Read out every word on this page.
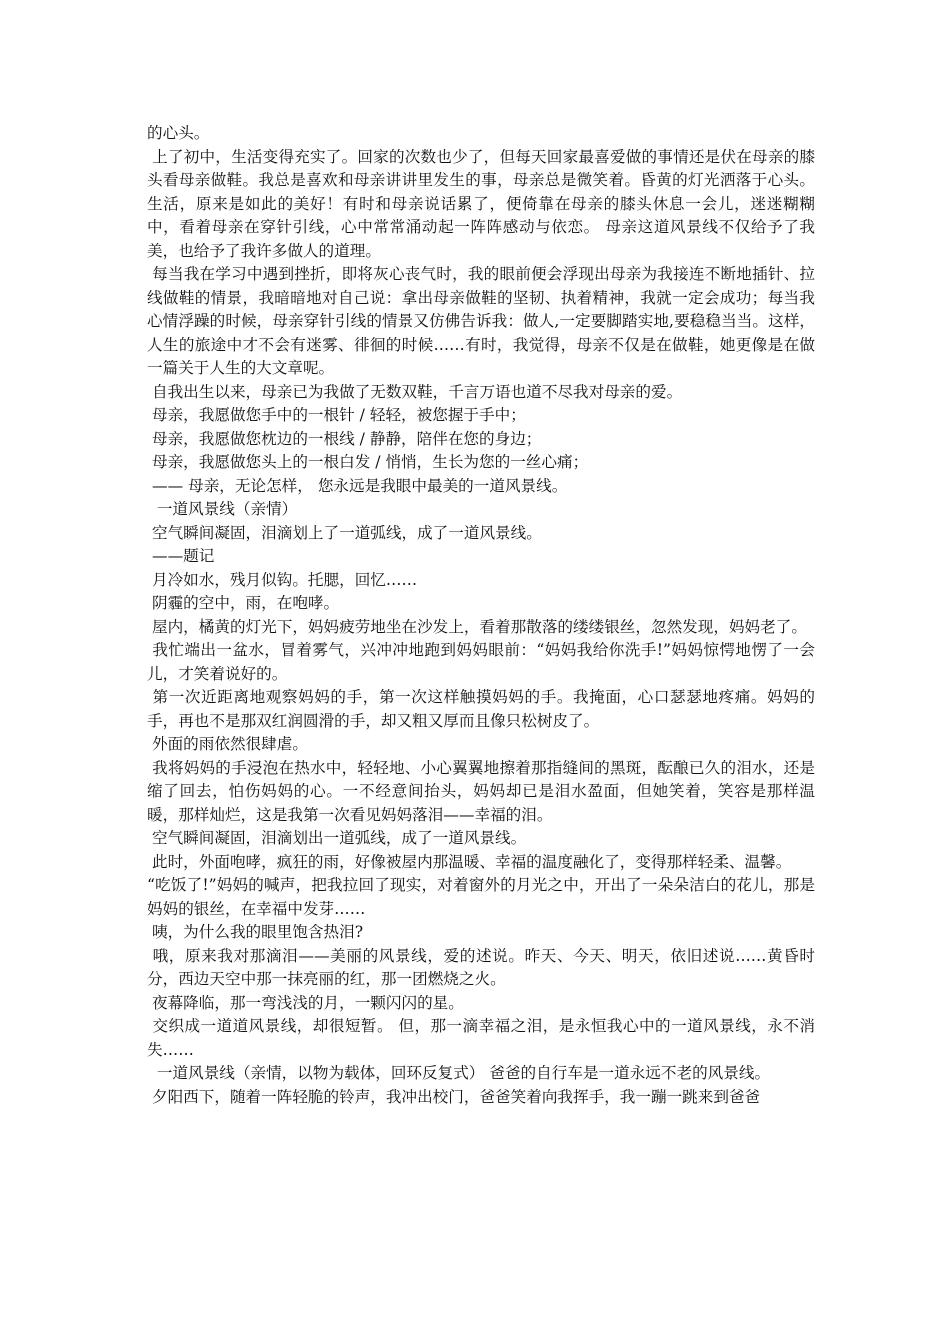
的心头。

上了初中，生活变得充实了。回家的次数也少了，但每天回家最喜爱做的事情还是伏在母亲的膝头看母亲做鞋。我总是喜欢和母亲讲讲里发生的事，母亲总是微笑着。昏黄的灯光洒落于心头。生活，原来是如此的美好！有时和母亲说话累了，便倚靠在母亲的膝头休息一会儿，迷迷糊糊中，看着母亲在穿针引线，心中常常涌动起一阵阵感动与依恋。 母亲这道风景线不仅给予了我美，也给予了我许多做人的道理。

每当我在学习中遇到挫折，即将灰心丧气时，我的眼前便会浮现出母亲为我接连不断地插针、拉线做鞋的情景，我暗暗地对自己说：拿出母亲做鞋的坚韧、执着精神，我就一定会成功；每当我心情浮躁的时候，母亲穿针引线的情景又仿佛告诉我：做人,一定要脚踏实地,要稳稳当当。这样，人生的旅途中才不会有迷雾、徘徊的时候……有时，我觉得，母亲不仅是在做鞋，她更像是在做一篇关于人生的大文章呢。

自我出生以来，母亲已为我做了无数双鞋，千言万语也道不尽我对母亲的爱。

母亲，我愿做您手中的一根针 / 轻轻，被您握于手中；

母亲，我愿做您枕边的一根线 / 静静，陪伴在您的身边；

母亲，我愿做您头上的一根白发 / 悄悄，生长为您的一丝心痛；

—— 母亲，无论怎样， 您永远是我眼中最美的一道风景线。

一道风景线（亲情）

空气瞬间凝固，泪滴划上了一道弧线，成了一道风景线。

——题记

月冷如水，残月似钩。托腮，回忆……

阴霾的空中，雨，在咆哮。

屋内，橘黄的灯光下，妈妈疲劳地坐在沙发上，看着那散落的缕缕银丝，忽然发现，妈妈老了。

我忙端出一盆水，冒着雾气，兴冲冲地跑到妈妈眼前：“妈妈我给你洗手!”妈妈惊愕地愣了一会儿，才笑着说好的。

第一次近距离地观察妈妈的手，第一次这样触摸妈妈的手。我掩面，心口瑟瑟地疼痛。妈妈的手，再也不是那双红润圆滑的手，却又粗又厚而且像只松树皮了。

外面的雨依然很肆虐。

我将妈妈的手浸泡在热水中，轻轻地、小心翼翼地擦着那指缝间的黑斑，酝酿已久的泪水，还是缩了回去，怕伤妈妈的心。一不经意间抬头，妈妈却已是泪水盈面，但她笑着，笑容是那样温暖，那样灿烂，这是我第一次看见妈妈落泪——幸福的泪。

空气瞬间凝固，泪滴划出一道弧线，成了一道风景线。

此时，外面咆哮，疯狂的雨，好像被屋内那温暖、幸福的温度融化了，变得那样轻柔、温馨。

“吃饭了!”妈妈的喊声，把我拉回了现实，对着窗外的月光之中，开出了一朵朵洁白的花儿，那是妈妈的银丝，在幸福中发芽……

咦，为什么我的眼里饱含热泪?

哦，原来我对那滴泪——美丽的风景线，爱的述说。昨天、今天、明天，依旧述说……黄昏时分，西边天空中那一抹亮丽的红，那一团燃烧之火。

夜幕降临，那一弯浅浅的月，一颗闪闪的星。

交织成一道道风景线，却很短暂。 但，那一滴幸福之泪，是永恒我心中的一道风景线，永不消失……

一道风景线（亲情，以物为载体，回环反复式） 爸爸的自行车是一道永远不老的风景线。

夕阳西下，随着一阵轻脆的铃声，我冲出校门，爸爸笑着向我挥手，我一蹦一跳来到爸爸
